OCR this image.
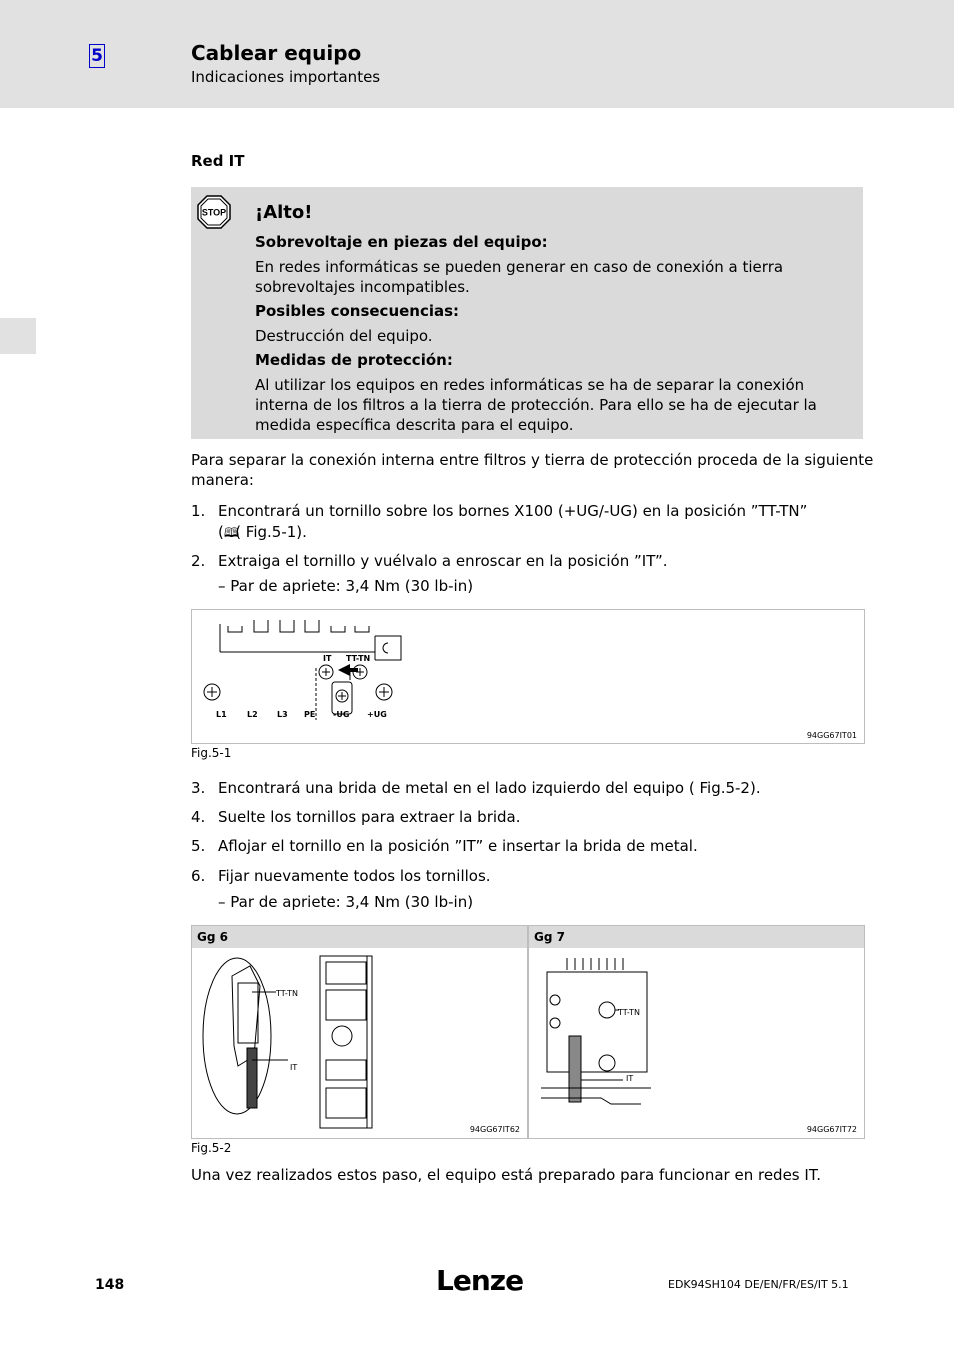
5	Cablear equipo
Indicaciones importantes
Red IT
STOP ¡Alto!
Sobrevoltaje en piezas del equipo:
En redes informáticas se pueden generar en caso de conexión a tierra
sobrevoltajes incompatibles.
Posibles consecuencias:
Destrucción del equipo.
Medidas de protección:
Al utilizar los equipos en redes informáticas se ha de separar la conexión
interna de los filtros a la tierra de protección. Para ello se ha de ejecutar la
medida específica descrita para el equipo.
Para separar la conexión interna entre filtros y tierra de protección proceda de la siguiente
manera:
1. Encontrará un tornillo sobre los bornes X100 (+UG/-UG) en la posición ”TT-TN”
(🕮( Fig.5-1).
2. Extraiga el tornillo y vuélvalo a enroscar en la posición ”IT”.
– Par de apriete: 3,4 Nm (30 lb-in)
IT TT-TN
L1	L2 L3 PE -UG +UG
94GG67IT01
Fig.5-1
3. Encontrará una brida de metal en el lado izquierdo del equipo ( Fig.5-2).
4. Suelte los tornillos para extraer la brida.
5. Aflojar el tornillo en la posición ”IT” e insertar la brida de metal.
6. Fijar nuevamente todos los tornillos.
– Par de apriete: 3,4 Nm (30 lb-in)
Gg 6
TT-TN
IT
94GG67IT62
Gg 7
TT-TN
IT
94GG67IT72
Fig.5-2
Una vez realizados estos paso, el equipo está preparado para funcionar en redes IT.
148	Lenze	EDK94SH104 DE/EN/FR/ES/IT 5.1
